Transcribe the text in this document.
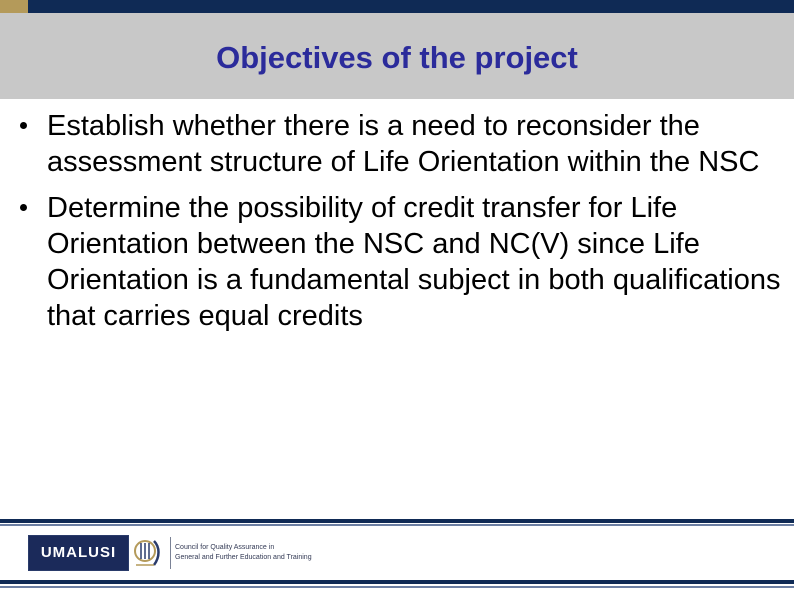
Objectives of the project
Establish whether there is a need to reconsider the assessment structure of Life Orientation within the NSC
Determine the possibility of credit transfer for Life Orientation between the NSC and NC(V) since Life Orientation is a fundamental subject in both qualifications that carries equal credits
UMALUSI	Council for Quality Assurance in
General and Further Education and Training
